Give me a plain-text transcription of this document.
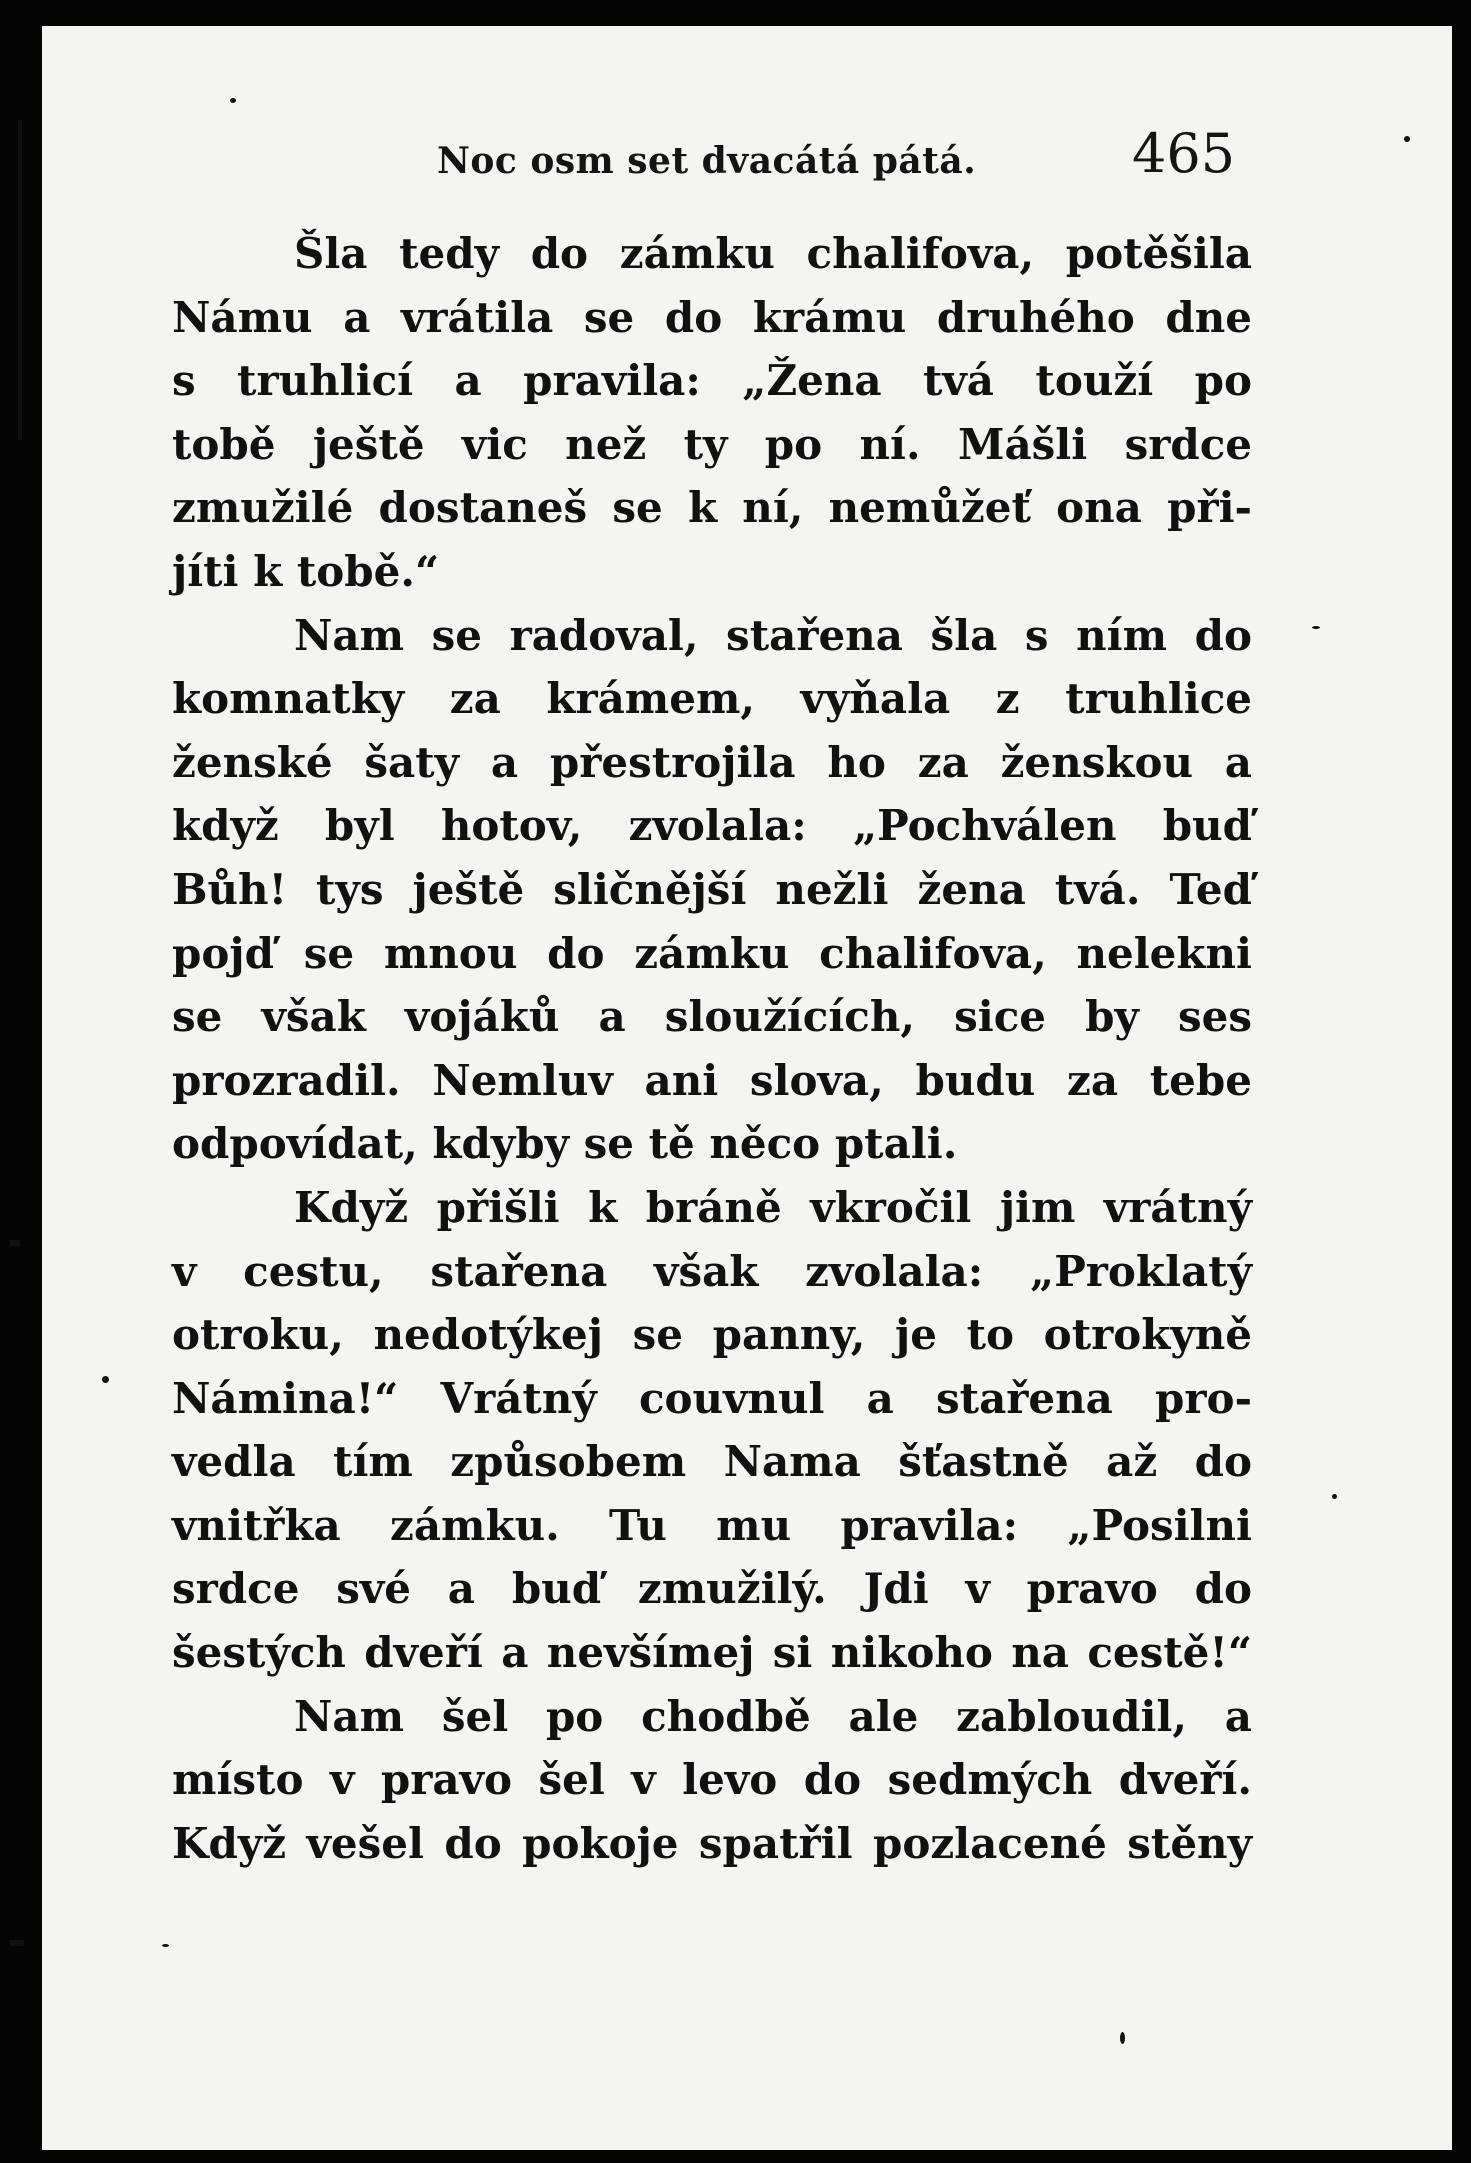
Noc osm set dvacátá pátá.	465
Šla tedy do zámku chalifova, potěšila
Námu a vrátila se do krámu druhého dne
s truhlicí a pravila: „Žena tvá touží po
tobě ještě vic než ty po ní. Mášli srdce
zmužilé dostaneš se k ní, nemůžeť ona při-
jíti k tobě.“
Nam se radoval, stařena šla s ním do
komnatky za krámem, vyňala z truhlice
ženské šaty a přestrojila ho za ženskou a
když byl hotov, zvolala: „Pochválen buď
Bůh! tys ještě sličnější nežli žena tvá. Teď
pojď se mnou do zámku chalifova, nelekni
se však vojáků a sloužících, sice by ses
prozradil. Nemluv ani slova, budu za tebe
odpovídat, kdyby se tě něco ptali.
Když přišli k bráně vkročil jim vrátný
v cestu, stařena však zvolala: „Proklatý
otroku, nedotýkej se panny, je to otrokyně
Námina!“ Vrátný couvnul a stařena pro-
vedla tím způsobem Nama šťastně až do
vnitřka zámku. Tu mu pravila: „Posilni
srdce své a buď zmužilý. Jdi v pravo do
šestých dveří a nevšímej si nikoho na cestě!“
Nam šel po chodbě ale zabloudil, a
místo v pravo šel v levo do sedmých dveří.
Když vešel do pokoje spatřil pozlacené stěny
